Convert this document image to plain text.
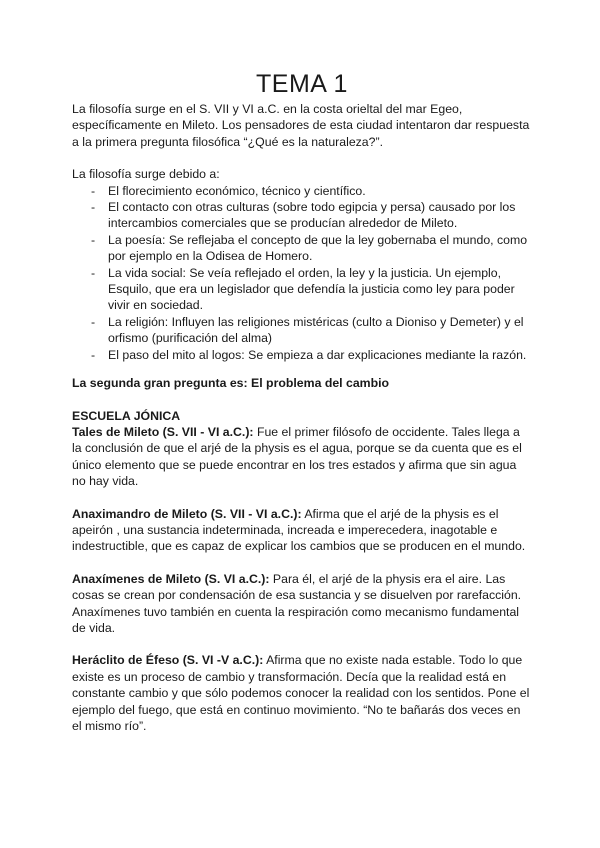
TEMA 1

La filosofía surge en el S. VII y VI a.C. en la costa orieltal del mar Egeo, específicamente en Mileto. Los pensadores de esta ciudad intentaron dar respuesta a la primera pregunta filosófica “¿Qué es la naturaleza?”.

La filosofía surge debido a:

- El florecimiento económico, técnico y científico.
- El contacto con otras culturas (sobre todo egipcia y persa) causado por los intercambios comerciales que se producían alrededor de Mileto.
- La poesía: Se reflejaba el concepto de que la ley gobernaba el mundo, como por ejemplo en la Odisea de Homero.
- La vida social: Se veía reflejado el orden, la ley y la justicia. Un ejemplo, Esquilo, que era un legislador que defendía la justicia como ley para poder vivir en sociedad.
- La religión: Influyen las religiones mistéricas (culto a Dioniso y Demeter) y el orfismo (purificación del alma)
- El paso del mito al logos: Se empieza a dar explicaciones mediante la razón.

La segunda gran pregunta es: El problema del cambio

ESCUELA JÓNICA

Tales de Mileto (S. VII - VI a.C.): Fue el primer filósofo de occidente. Tales llega a la conclusión de que el arjé de la physis es el agua, porque se da cuenta que es el único elemento que se puede encontrar en los tres estados y afirma que sin agua no hay vida.

Anaximandro de Mileto (S. VII - VI a.C.): Afirma que el arjé de la physis es el apeirón , una sustancia indeterminada, increada e imperecedera, inagotable e indestructible, que es capaz de explicar los cambios que se producen en el mundo.

Anaxímenes de Mileto (S. VI a.C.): Para él, el arjé de la physis era el aire. Las cosas se crean por condensación de esa sustancia y se disuelven por rarefacción. Anaxímenes tuvo también en cuenta la respiración como mecanismo fundamental de vida.

Heráclito de Éfeso (S. VI -V a.C.): Afirma que no existe nada estable. Todo lo que existe es un proceso de cambio y transformación. Decía que la realidad está en constante cambio y que sólo podemos conocer la realidad con los sentidos. Pone el ejemplo del fuego, que está en continuo movimiento. “No te bañarás dos veces en el mismo río”.
